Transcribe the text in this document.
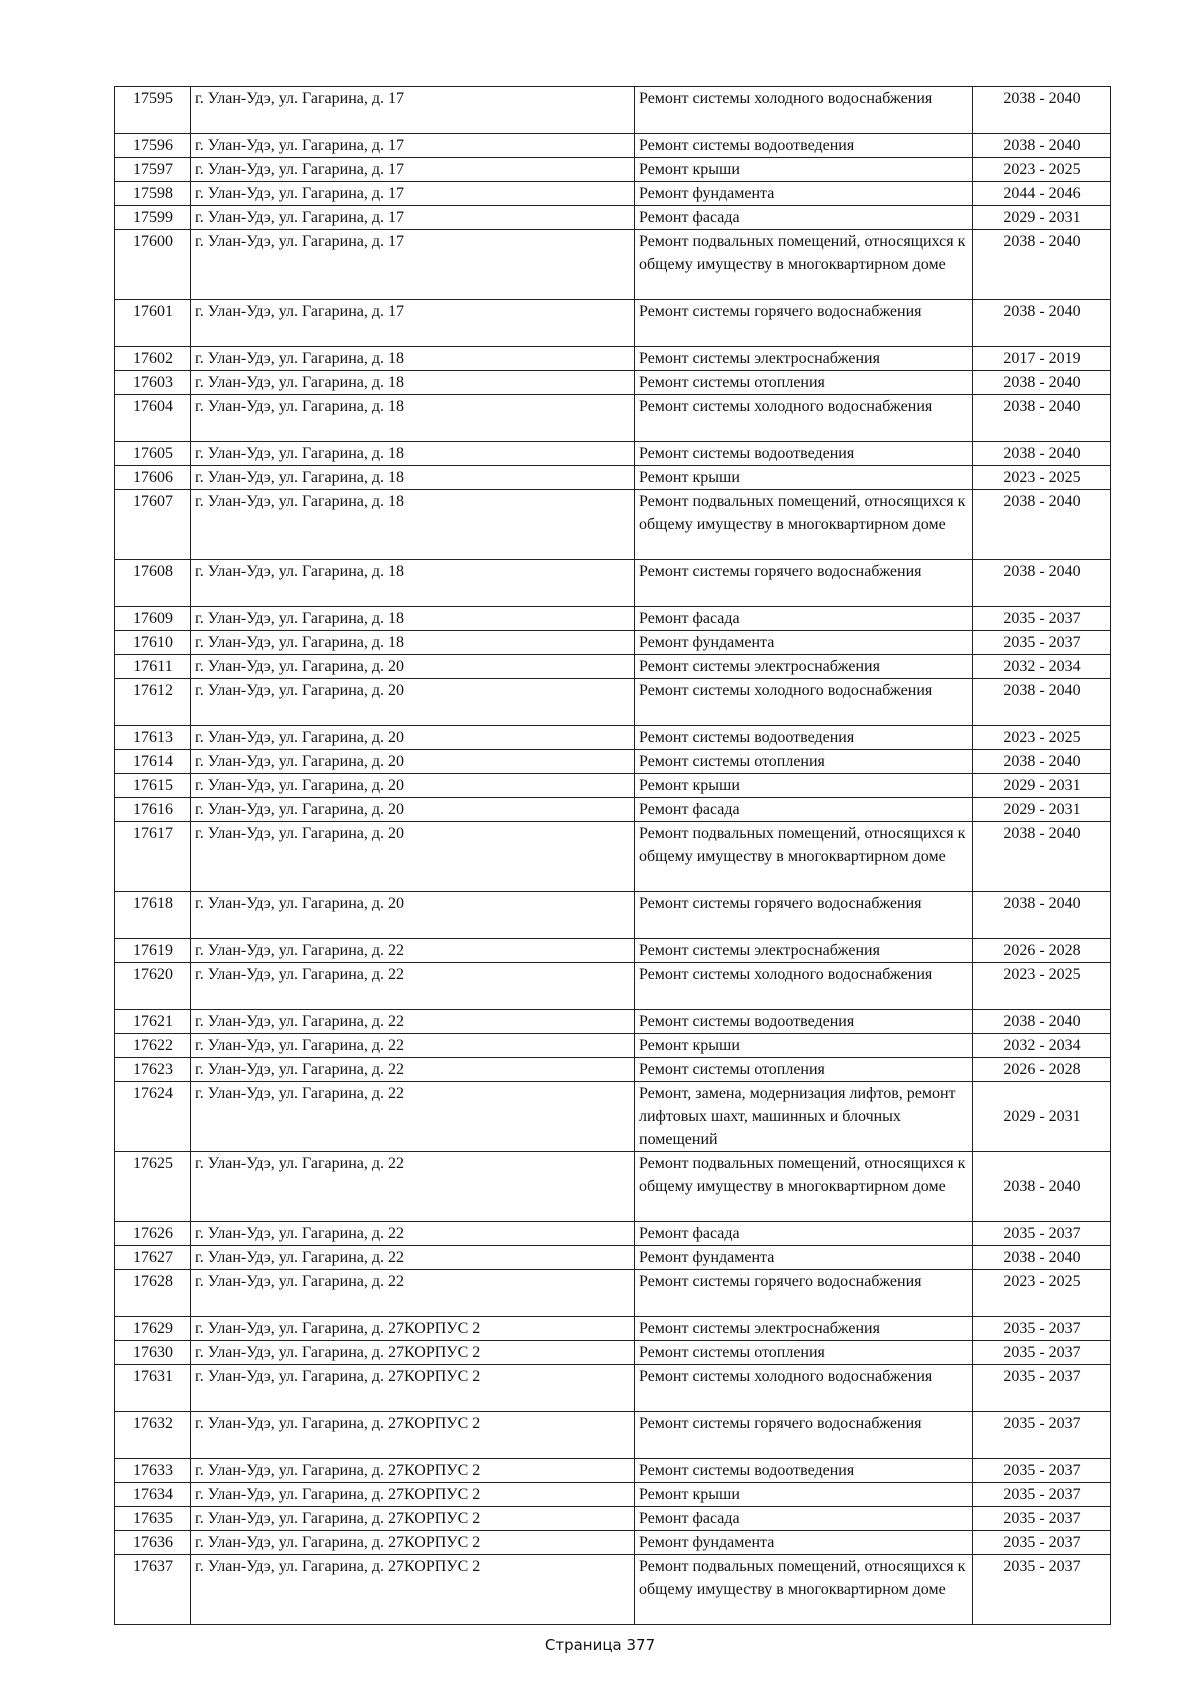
17595	г. Улан-Удэ, ул. Гагарина, д. 17	Ремонт системы холодного водоснабжения	2038 - 2040
17596	г. Улан-Удэ, ул. Гагарина, д. 17	Ремонт системы водоотведения	2038 - 2040
17597	г. Улан-Удэ, ул. Гагарина, д. 17	Ремонт крыши	2023 - 2025
17598	г. Улан-Удэ, ул. Гагарина, д. 17	Ремонт фундамента	2044 - 2046
17599	г. Улан-Удэ, ул. Гагарина, д. 17	Ремонт фасада	2029 - 2031
17600	г. Улан-Удэ, ул. Гагарина, д. 17	Ремонт подвальных помещений, относящихся к общему имуществу в многоквартирном доме	2038 - 2040
17601	г. Улан-Удэ, ул. Гагарина, д. 17	Ремонт системы горячего водоснабжения	2038 - 2040
17602	г. Улан-Удэ, ул. Гагарина, д. 18	Ремонт системы электроснабжения	2017 - 2019
17603	г. Улан-Удэ, ул. Гагарина, д. 18	Ремонт системы отопления	2038 - 2040
17604	г. Улан-Удэ, ул. Гагарина, д. 18	Ремонт системы холодного водоснабжения	2038 - 2040
17605	г. Улан-Удэ, ул. Гагарина, д. 18	Ремонт системы водоотведения	2038 - 2040
17606	г. Улан-Удэ, ул. Гагарина, д. 18	Ремонт крыши	2023 - 2025
17607	г. Улан-Удэ, ул. Гагарина, д. 18	Ремонт подвальных помещений, относящихся к общему имуществу в многоквартирном доме	2038 - 2040
17608	г. Улан-Удэ, ул. Гагарина, д. 18	Ремонт системы горячего водоснабжения	2038 - 2040
17609	г. Улан-Удэ, ул. Гагарина, д. 18	Ремонт фасада	2035 - 2037
17610	г. Улан-Удэ, ул. Гагарина, д. 18	Ремонт фундамента	2035 - 2037
17611	г. Улан-Удэ, ул. Гагарина, д. 20	Ремонт системы электроснабжения	2032 - 2034
17612	г. Улан-Удэ, ул. Гагарина, д. 20	Ремонт системы холодного водоснабжения	2038 - 2040
17613	г. Улан-Удэ, ул. Гагарина, д. 20	Ремонт системы водоотведения	2023 - 2025
17614	г. Улан-Удэ, ул. Гагарина, д. 20	Ремонт системы отопления	2038 - 2040
17615	г. Улан-Удэ, ул. Гагарина, д. 20	Ремонт крыши	2029 - 2031
17616	г. Улан-Удэ, ул. Гагарина, д. 20	Ремонт фасада	2029 - 2031
17617	г. Улан-Удэ, ул. Гагарина, д. 20	Ремонт подвальных помещений, относящихся к общему имуществу в многоквартирном доме	2038 - 2040
17618	г. Улан-Удэ, ул. Гагарина, д. 20	Ремонт системы горячего водоснабжения	2038 - 2040
17619	г. Улан-Удэ, ул. Гагарина, д. 22	Ремонт системы электроснабжения	2026 - 2028
17620	г. Улан-Удэ, ул. Гагарина, д. 22	Ремонт системы холодного водоснабжения	2023 - 2025
17621	г. Улан-Удэ, ул. Гагарина, д. 22	Ремонт системы водоотведения	2038 - 2040
17622	г. Улан-Удэ, ул. Гагарина, д. 22	Ремонт крыши	2032 - 2034
17623	г. Улан-Удэ, ул. Гагарина, д. 22	Ремонт системы отопления	2026 - 2028
17624	г. Улан-Удэ, ул. Гагарина, д. 22	Ремонт, замена, модернизация лифтов, ремонт лифтовых шахт, машинных и блочных помещений	2029 - 2031
17625	г. Улан-Удэ, ул. Гагарина, д. 22	Ремонт подвальных помещений, относящихся к общему имуществу в многоквартирном доме	2038 - 2040
17626	г. Улан-Удэ, ул. Гагарина, д. 22	Ремонт фасада	2035 - 2037
17627	г. Улан-Удэ, ул. Гагарина, д. 22	Ремонт фундамента	2038 - 2040
17628	г. Улан-Удэ, ул. Гагарина, д. 22	Ремонт системы горячего водоснабжения	2023 - 2025
17629	г. Улан-Удэ, ул. Гагарина, д. 27КОРПУС 2	Ремонт системы электроснабжения	2035 - 2037
17630	г. Улан-Удэ, ул. Гагарина, д. 27КОРПУС 2	Ремонт системы отопления	2035 - 2037
17631	г. Улан-Удэ, ул. Гагарина, д. 27КОРПУС 2	Ремонт системы холодного водоснабжения	2035 - 2037
17632	г. Улан-Удэ, ул. Гагарина, д. 27КОРПУС 2	Ремонт системы горячего водоснабжения	2035 - 2037
17633	г. Улан-Удэ, ул. Гагарина, д. 27КОРПУС 2	Ремонт системы водоотведения	2035 - 2037
17634	г. Улан-Удэ, ул. Гагарина, д. 27КОРПУС 2	Ремонт крыши	2035 - 2037
17635	г. Улан-Удэ, ул. Гагарина, д. 27КОРПУС 2	Ремонт фасада	2035 - 2037
17636	г. Улан-Удэ, ул. Гагарина, д. 27КОРПУС 2	Ремонт фундамента	2035 - 2037
17637	г. Улан-Удэ, ул. Гагарина, д. 27КОРПУС 2	Ремонт подвальных помещений, относящихся к общему имуществу в многоквартирном доме	2035 - 2037
Страница 377
